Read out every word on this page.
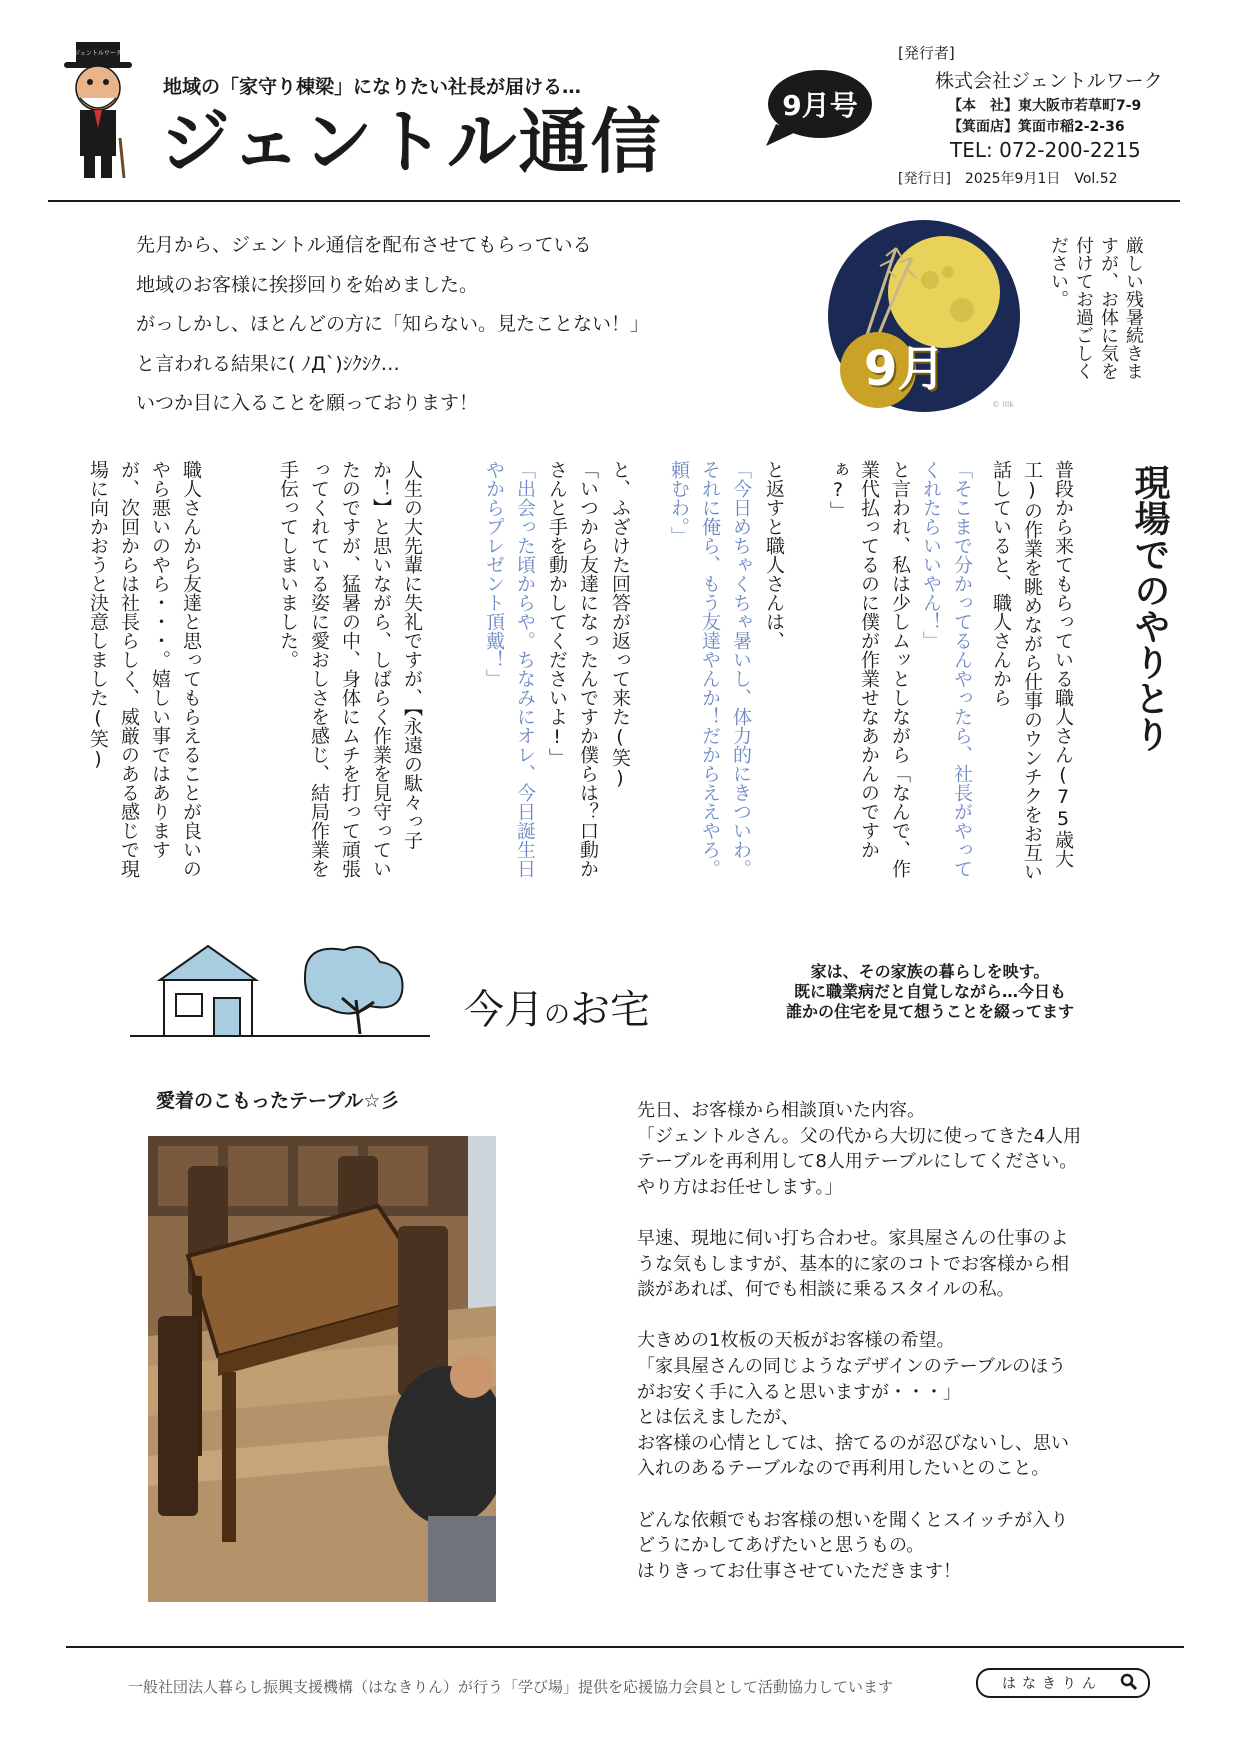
ジェントルワーク
地域の「家守り棟梁」になりたい社長が届ける…
ジェントル通信	9月号
[発行者]
株式会社ジェントルワーク
【本　社】東大阪市若草町7-9
【箕面店】箕面市稲2-2-36
TEL: 072-200-2215
[発行日]　2025年9月1日　Vol.52
先月から、ジェントル通信を配布させてもらっている
地域のお客様に挨拶回りを始めました。
がっしかし、ほとんどの方に「知らない。見たことない！」
と言われる結果に( ﾉД`)ｼｸｼｸ…
いつか目に入ることを願っております！
9月
© illk
厳しい残暑続きますが、お体に気を付けてお過ごしください。
現場でのやりとり
普段から来てもらっている職人さん(75歳大工)の作業を眺めながら仕事のウンチクをお互い話していると、職人さんから
「そこまで分かってるんやったら、社長がやってくれたらいいやん！」
と言われ、私は少しムッとしながら「なんで、作業代払ってるのに僕が作業せなあかんのですかぁ?」
と返すと職人さんは、
「今日めちゃくちゃ暑いし、体力的にきついわ。それに俺ら、もう友達やんか！だからええやろ。頼むわ。」
と、ふざけた回答が返って来た(笑)
「いつから友達になったんですか僕らは？口動かさんと手を動かしてくださいよ!」
「出会った頃からや。ちなみにオレ、今日誕生日やからプレゼント頂戴！」
人生の大先輩に失礼ですが、【永遠の駄々っ子か！】と思いながら、しばらく作業を見守っていたのですが、猛暑の中、身体にムチを打って頑張ってくれている姿に愛おしさを感じ、結局作業を手伝ってしまいました。
職人さんから友達と思ってもらえることが良いのやら悪いのやら・・・。嬉しい事ではありますが、次回からは社長らしく、威厳のある感じで現場に向かおうと決意しました(笑)
今月のお宅
家は、その家族の暮らしを映す。
既に職業病だと自覚しながら…今日も
誰かの住宅を見て想うことを綴ってます
愛着のこもったテーブル☆彡	先日、お客様から相談頂いた内容。
「ジェントルさん。父の代から大切に使ってきた4人用
テーブルを再利用して8人用テーブルにしてください。
やり方はお任せします。」
早速、現地に伺い打ち合わせ。家具屋さんの仕事のよ
うな気もしますが、基本的に家のコトでお客様から相
談があれば、何でも相談に乗るスタイルの私。
大きめの1枚板の天板がお客様の希望。
「家具屋さんの同じようなデザインのテーブルのほう
がお安く手に入ると思いますが・・・」
とは伝えましたが、
お客様の心情としては、捨てるのが忍びないし、思い
入れのあるテーブルなので再利用したいとのこと。
どんな依頼でもお客様の想いを聞くとスイッチが入り
どうにかしてあげたいと思うもの。
はりきってお仕事させていただきます！
一般社団法人暮らし振興支援機構（はなきりん）が行う「学び場」提供を応援協力会員として活動協力しています	はなきりん
